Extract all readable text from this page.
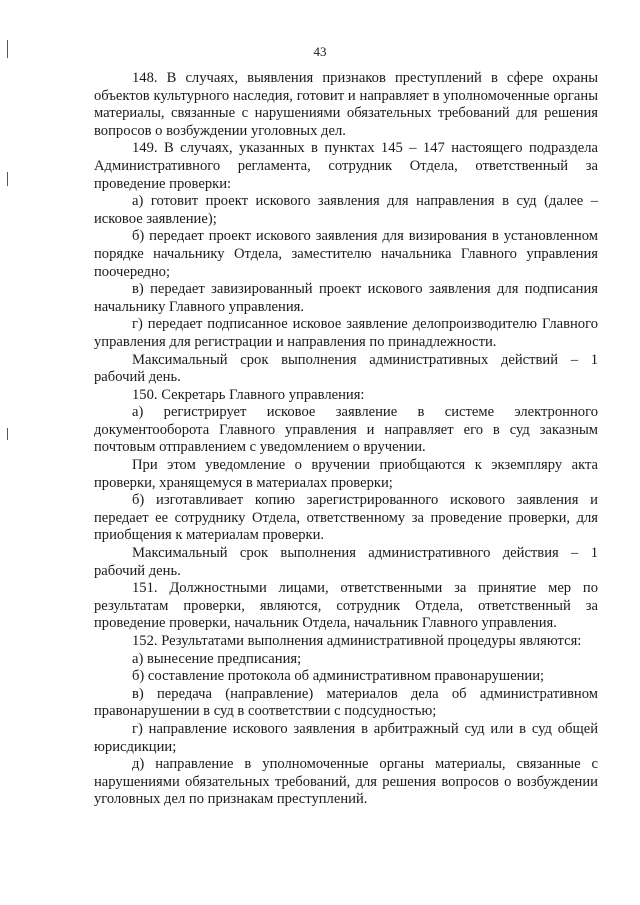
43

148. В случаях, выявления признаков преступлений в сфере охраны объектов культурного наследия, готовит и направляет в уполномоченные органы материалы, связанные с нарушениями обязательных требований для решения вопросов о возбуждении уголовных дел.

149. В случаях, указанных в пунктах 145 – 147 настоящего подраздела Административного регламента, сотрудник Отдела, ответственный за проведение проверки:

а) готовит проект искового заявления для направления в суд (далее – исковое заявление);

б) передает проект искового заявления для визирования в установленном порядке начальнику Отдела, заместителю начальника Главного управления поочередно;

в) передает завизированный проект искового заявления для подписания начальнику Главного управления.

г) передает подписанное исковое заявление делопроизводителю Главного управления для регистрации и направления по принадлежности.

Максимальный срок выполнения административных действий – 1 рабочий день.

150. Секретарь Главного управления:

а) регистрирует исковое заявление в системе электронного документооборота Главного управления и направляет его в суд заказным почтовым отправлением с уведомлением о вручении.

При этом уведомление о вручении приобщаются к экземпляру акта проверки, хранящемуся в материалах проверки;

б) изготавливает копию зарегистрированного искового заявления и передает ее сотруднику Отдела, ответственному за проведение проверки, для приобщения к материалам проверки.

Максимальный срок выполнения административного действия – 1 рабочий день.

151. Должностными лицами, ответственными за принятие мер по результатам проверки, являются, сотрудник Отдела, ответственный за проведение проверки, начальник Отдела, начальник Главного управления.

152. Результатами выполнения административной процедуры являются:

а) вынесение предписания;

б) составление протокола об административном правонарушении;

в) передача (направление) материалов дела об административном правонарушении в суд в соответствии с подсудностью;

г) направление искового заявления в арбитражный суд или в суд общей юрисдикции;

д) направление в уполномоченные органы материалы, связанные с нарушениями обязательных требований, для решения вопросов о возбуждении уголовных дел по признакам преступлений.
